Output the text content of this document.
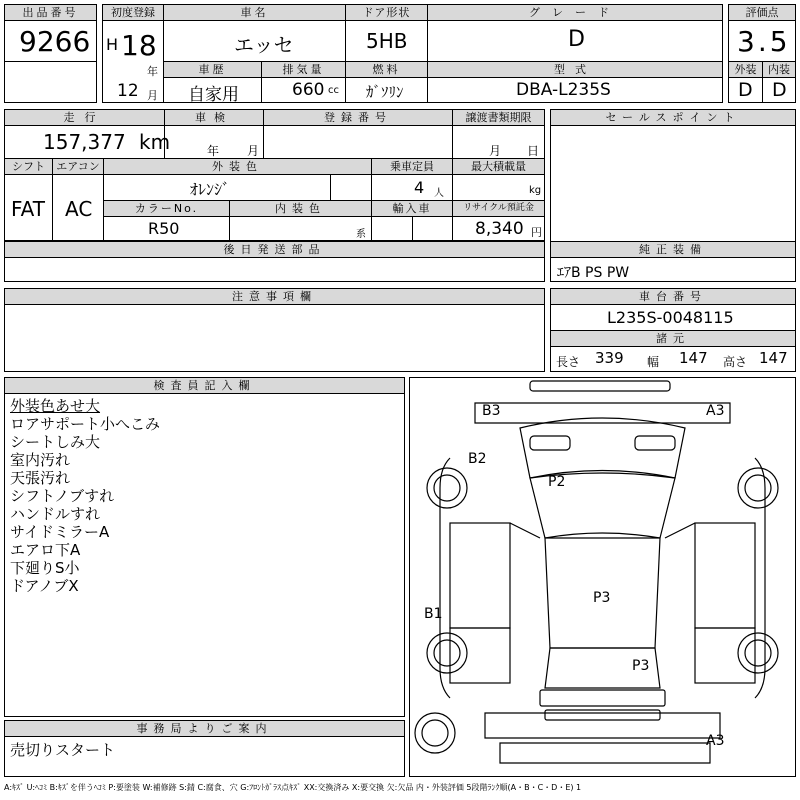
出品番号
9266
初度登録
H 18
年
12 月
車名
エッセ
ドア形状
5HB
グレード
D
評価点
3.5
車歴
自家用
排気量
660 cc
燃料
ｶﾞｿﾘﾝ
型式
DBA-L235S
外装	内装
D D
走行
157,377 km
車検
年 月
登録番号	譲渡書類期限
月 日
シフト
FAT
エアコン
AC
外装色
ｵﾚﾝｼﾞ
乗車定員
4 人
最大積載量
kg
カラーNo.
R50
内装色
系
輸入車	リサイクル預託金
8,340 円
後日発送部品
セールスポイント
純正装備
ｴｱB PS PW
注意事項欄	車台番号
L235S-0048115
諸元
長さ 339 幅 147 高さ 147
検査員記入欄
外装色あせ大
ロアサポート小へこみ
シートしみ大
室内汚れ
天張汚れ
シフトノブすれ
ハンドルすれ
サイドミラーA
エアロ下A
下廻りS小
ドアノブX
事務局よりご案内
売切りスタート
B3	A3
B2
P2
P3
B1
P3
A3
A:ｷｽﾞ U:ﾍｺﾐ B:ｷｽﾞを伴うﾍｺﾐ P:要塗装 W:補修跡 S:錆 C:腐食、穴 G:ﾌﾛﾝﾄｶﾞﾗｽ点ｷｽﾞ XX:交換済み X:要交換 欠:欠品 内・外装評価 5段階ﾗﾝｸ順(A・B・C・D・E) 1
